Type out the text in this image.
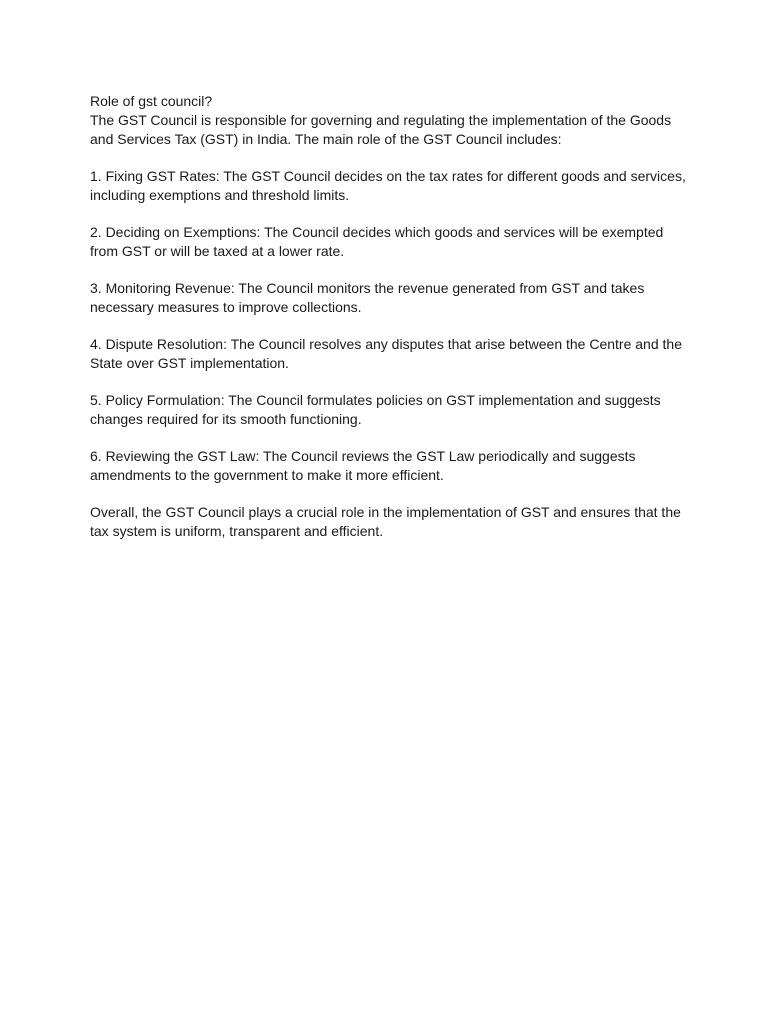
Role of gst council?

The GST Council is responsible for governing and regulating the implementation of the Goods and Services Tax (GST) in India. The main role of the GST Council includes:

1. Fixing GST Rates: The GST Council decides on the tax rates for different goods and services, including exemptions and threshold limits.

2. Deciding on Exemptions: The Council decides which goods and services will be exempted from GST or will be taxed at a lower rate.

3. Monitoring Revenue: The Council monitors the revenue generated from GST and takes necessary measures to improve collections.

4. Dispute Resolution: The Council resolves any disputes that arise between the Centre and the State over GST implementation.

5. Policy Formulation: The Council formulates policies on GST implementation and suggests changes required for its smooth functioning.

6. Reviewing the GST Law: The Council reviews the GST Law periodically and suggests amendments to the government to make it more efficient.

Overall, the GST Council plays a crucial role in the implementation of GST and ensures that the tax system is uniform, transparent and efficient.
